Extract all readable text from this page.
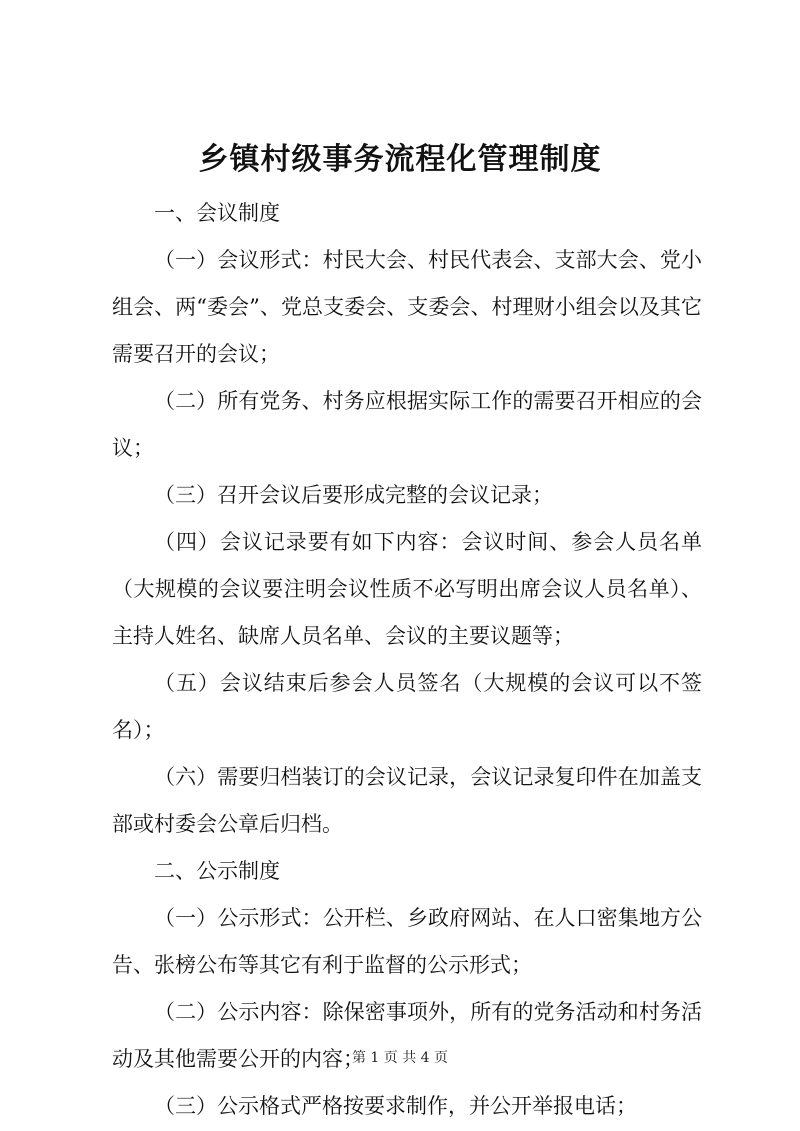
乡镇村级事务流程化管理制度

一、会议制度

（一）会议形式：村民大会、村民代表会、支部大会、党小组会、两“委会”、党总支委会、支委会、村理财小组会以及其它需要召开的会议；

（二）所有党务、村务应根据实际工作的需要召开相应的会议；

（三）召开会议后要形成完整的会议记录；

（四）会议记录要有如下内容：会议时间、参会人员名单（大规模的会议要注明会议性质不必写明出席会议人员名单）、主持人姓名、缺席人员名单、会议的主要议题等；

（五）会议结束后参会人员签名（大规模的会议可以不签名）；

（六）需要归档装订的会议记录，会议记录复印件在加盖支部或村委会公章后归档。

二、公示制度

（一）公示形式：公开栏、乡政府网站、在人口密集地方公告、张榜公布等其它有利于监督的公示形式；

（二）公示内容：除保密事项外，所有的党务活动和村务活动及其他需要公开的内容；

（三）公示格式严格按要求制作，并公开举报电话；

第 1 页 共 4 页
